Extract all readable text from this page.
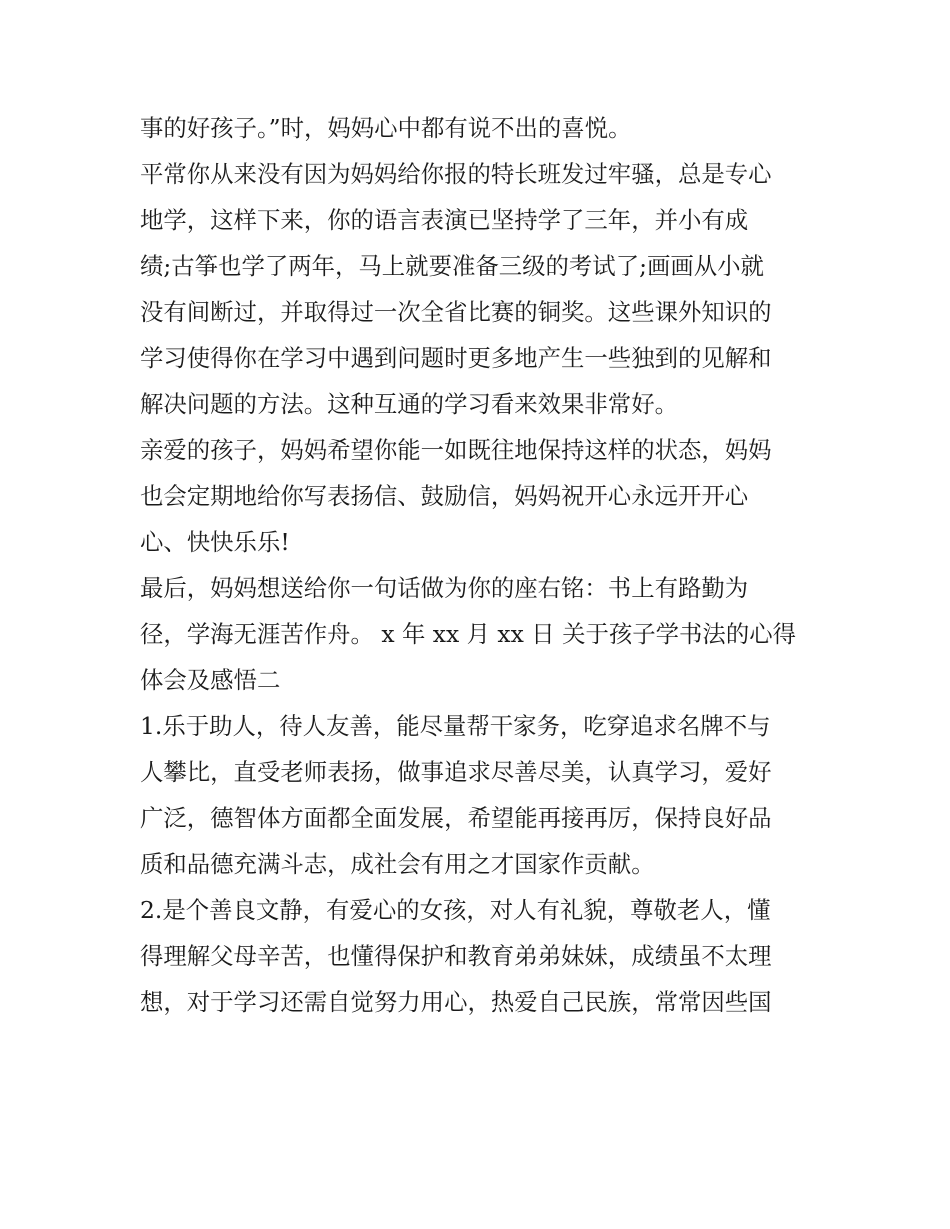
事的好孩子。”时，妈妈心中都有说不出的喜悦。
平常你从来没有因为妈妈给你报的特长班发过牢骚，总是专心
地学，这样下来，你的语言表演已坚持学了三年，并小有成
绩;古筝也学了两年，马上就要准备三级的考试了;画画从小就
没有间断过，并取得过一次全省比赛的铜奖。这些课外知识的
学习使得你在学习中遇到问题时更多地产生一些独到的见解和
解决问题的方法。这种互通的学习看来效果非常好。
亲爱的孩子，妈妈希望你能一如既往地保持这样的状态，妈妈
也会定期地给你写表扬信、鼓励信，妈妈祝开心永远开开心
心、快快乐乐!
最后，妈妈想送给你一句话做为你的座右铭：书上有路勤为
径，学海无涯苦作舟。 x 年 xx 月 xx 日 关于孩子学书法的心得
体会及感悟二
1.乐于助人，待人友善，能尽量帮干家务，吃穿追求名牌不与
人攀比，直受老师表扬，做事追求尽善尽美，认真学习，爱好
广泛，德智体方面都全面发展，希望能再接再厉，保持良好品
质和品德充满斗志，成社会有用之才国家作贡献。
2.是个善良文静，有爱心的女孩，对人有礼貌，尊敬老人，懂
得理解父母辛苦，也懂得保护和教育弟弟妹妹，成绩虽不太理
想，对于学习还需自觉努力用心，热爱自己民族，常常因些国
